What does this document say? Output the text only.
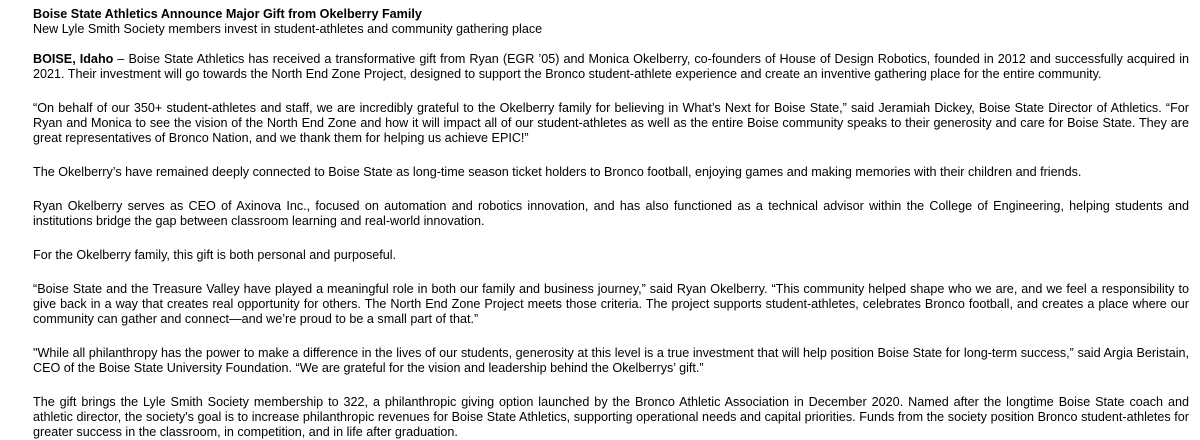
Boise State Athletics Announce Major Gift from Okelberry Family

New Lyle Smith Society members invest in student-athletes and community gathering place

BOISE, Idaho – Boise State Athletics has received a transformative gift from Ryan (EGR ’05) and Monica Okelberry, co-founders of House of Design Robotics, founded in 2012 and successfully acquired in 2021. Their investment will go towards the North End Zone Project, designed to support the Bronco student-athlete experience and create an inventive gathering place for the entire community.

“On behalf of our 350+ student-athletes and staff, we are incredibly grateful to the Okelberry family for believing in What’s Next for Boise State,” said Jeramiah Dickey, Boise State Director of Athletics. “For Ryan and Monica to see the vision of the North End Zone and how it will impact all of our student-athletes as well as the entire Boise community speaks to their generosity and care for Boise State. They are great representatives of Bronco Nation, and we thank them for helping us achieve EPIC!”

The Okelberry’s have remained deeply connected to Boise State as long-time season ticket holders to Bronco football, enjoying games and making memories with their children and friends.

Ryan Okelberry serves as CEO of Axinova Inc., focused on automation and robotics innovation, and has also functioned as a technical advisor within the College of Engineering, helping students and institutions bridge the gap between classroom learning and real-world innovation.

For the Okelberry family, this gift is both personal and purposeful.

“Boise State and the Treasure Valley have played a meaningful role in both our family and business journey,” said Ryan Okelberry. “This community helped shape who we are, and we feel a responsibility to give back in a way that creates real opportunity for others. The North End Zone Project meets those criteria. The project supports student-athletes, celebrates Bronco football, and creates a place where our community can gather and connect—and we’re proud to be a small part of that.”

"While all philanthropy has the power to make a difference in the lives of our students, generosity at this level is a true investment that will help position Boise State for long-term success,” said Argia Beristain, CEO of the Boise State University Foundation. “We are grateful for the vision and leadership behind the Okelberrys’ gift.”

The gift brings the Lyle Smith Society membership to 322, a philanthropic giving option launched by the Bronco Athletic Association in December 2020. Named after the longtime Boise State coach and athletic director, the society's goal is to increase philanthropic revenues for Boise State Athletics, supporting operational needs and capital priorities. Funds from the society position Bronco student-athletes for greater success in the classroom, in competition, and in life after graduation.
